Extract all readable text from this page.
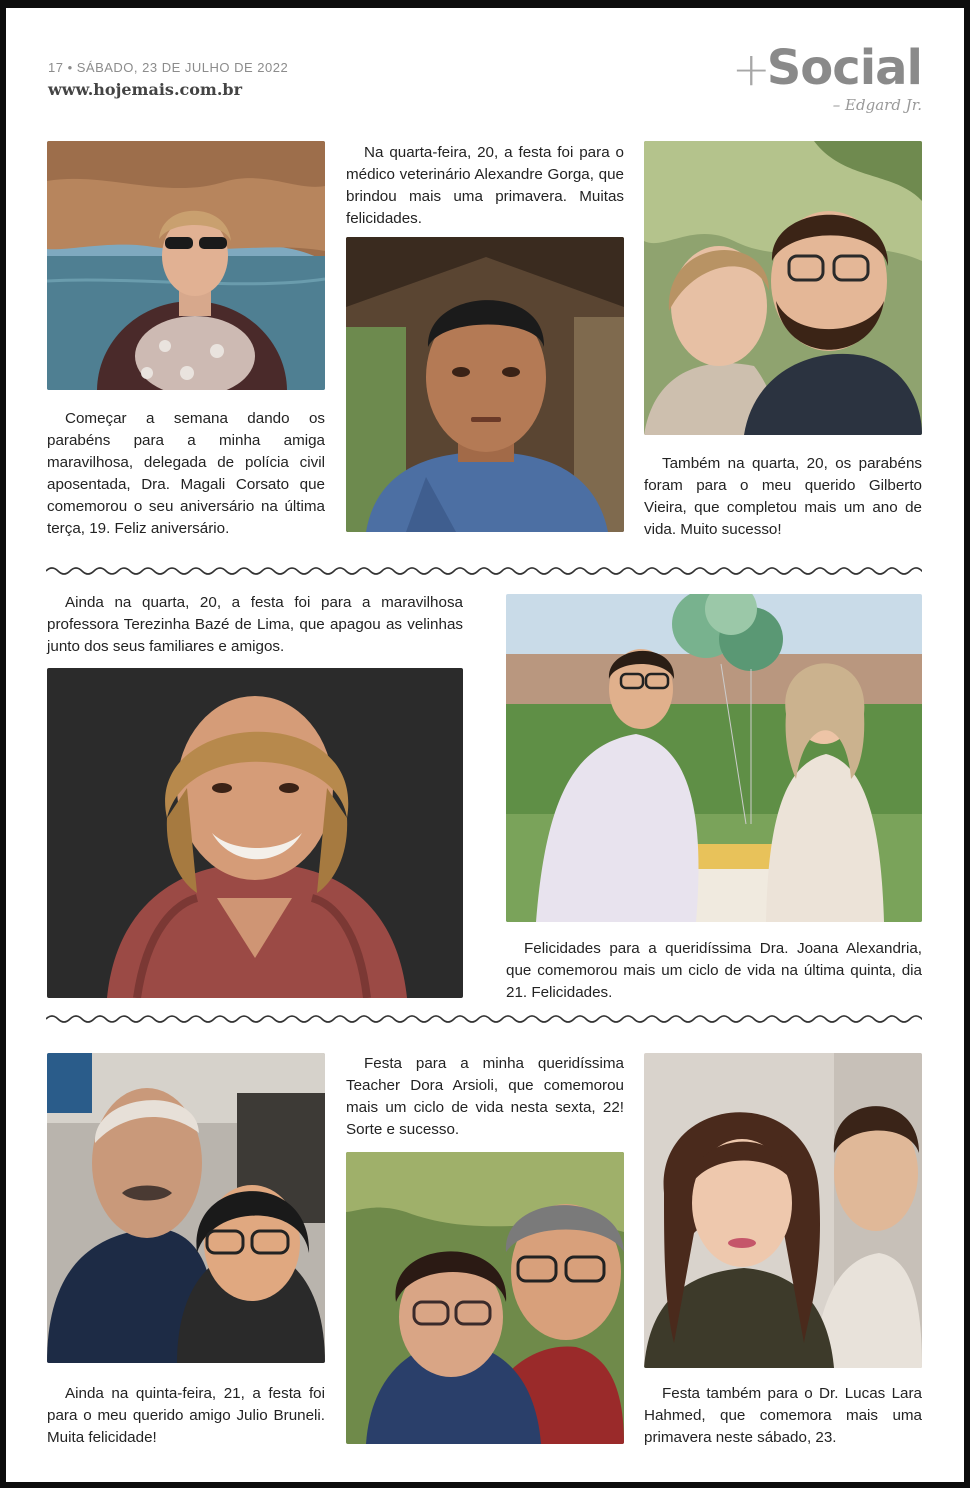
17 • SÁBADO, 23 DE JULHO DE 2022
www.hojemais.com.br	+
Social
– Edgard Jr.
Começar a semana dando os parabéns para a minha amiga maravilhosa, delegada de polícia civil aposentada, Dra. Magali Corsato que comemorou o seu aniversário na última terça, 19. Feliz aniversário.
Na quarta-feira, 20, a festa foi para o médico veterinário Alexandre Gorga, que brindou mais uma primavera. Muitas felicidades.
Também na quarta, 20, os parabéns foram para o meu querido Gilberto Vieira, que completou mais um ano de vida. Muito sucesso!
Ainda na quarta, 20, a festa foi para a maravilhosa professora Terezinha Bazé de Lima, que apagou as velinhas junto dos seus familiares e amigos.
Felicidades para a queridíssima Dra. Joana Alexandria, que comemorou mais um ciclo de vida na última quinta, dia 21. Felicidades.
Ainda na quinta-feira, 21, a festa foi para o meu querido amigo Julio Bruneli. Muita felicidade!
Festa para a minha queridíssima Teacher Dora Arsioli, que comemorou mais um ciclo de vida nesta sexta, 22! Sorte e sucesso.
Festa também para o Dr. Lucas Lara Hahmed, que comemora mais uma primavera neste sábado, 23.
